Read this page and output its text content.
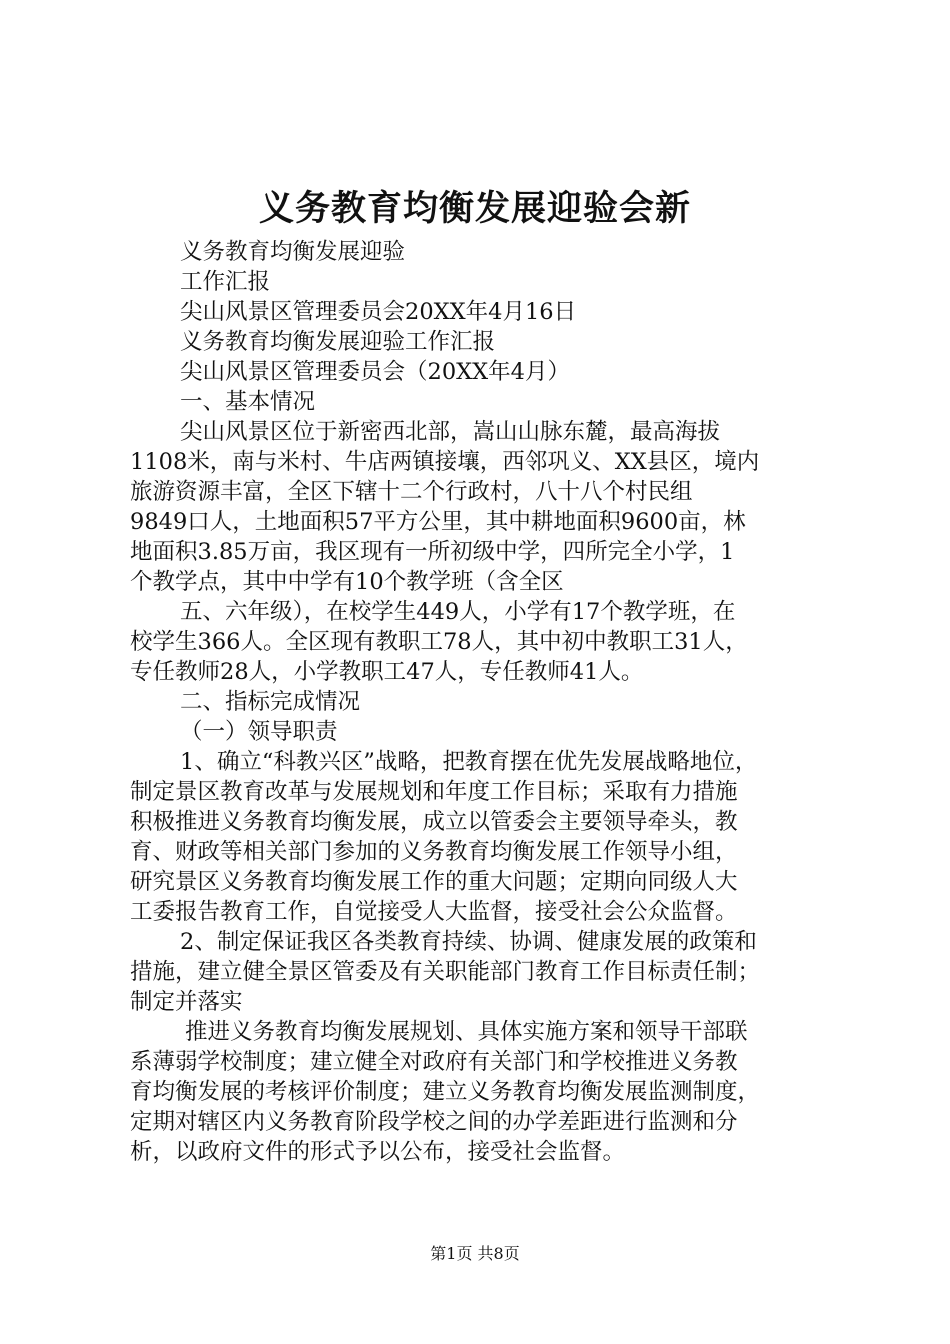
义务教育均衡发展迎验会新
义务教育均衡发展迎验
工作汇报
尖山风景区管理委员会20XX年4月16日
义务教育均衡发展迎验工作汇报
尖山风景区管理委员会（20XX年4月）
一、基本情况
尖山风景区位于新密西北部，嵩山山脉东麓，最高海拔
1108米，南与米村、牛店两镇接壤，西邻巩义、XX县区，境内
旅游资源丰富，全区下辖十二个行政村，八十八个村民组
9849口人，土地面积57平方公里，其中耕地面积9600亩，林
地面积3.85万亩，我区现有一所初级中学，四所完全小学，1
个教学点，其中中学有10个教学班（含全区
五、六年级），在校学生449人，小学有17个教学班，在
校学生366人。全区现有教职工78人，其中初中教职工31人，
专任教师28人，小学教职工47人，专任教师41人。
二、指标完成情况
（一）领导职责
1、确立“科教兴区”战略，把教育摆在优先发展战略地位，
制定景区教育改革与发展规划和年度工作目标；采取有力措施
积极推进义务教育均衡发展，成立以管委会主要领导牵头，教
育、财政等相关部门参加的义务教育均衡发展工作领导小组，
研究景区义务教育均衡发展工作的重大问题；定期向同级人大
工委报告教育工作，自觉接受人大监督，接受社会公众监督。
2、制定保证我区各类教育持续、协调、健康发展的政策和
措施，建立健全景区管委及有关职能部门教育工作目标责任制；
制定并落实
推进义务教育均衡发展规划、具体实施方案和领导干部联
系薄弱学校制度；建立健全对政府有关部门和学校推进义务教
育均衡发展的考核评价制度；建立义务教育均衡发展监测制度，
定期对辖区内义务教育阶段学校之间的办学差距进行监测和分
析，以政府文件的形式予以公布，接受社会监督。
第1页 共8页
